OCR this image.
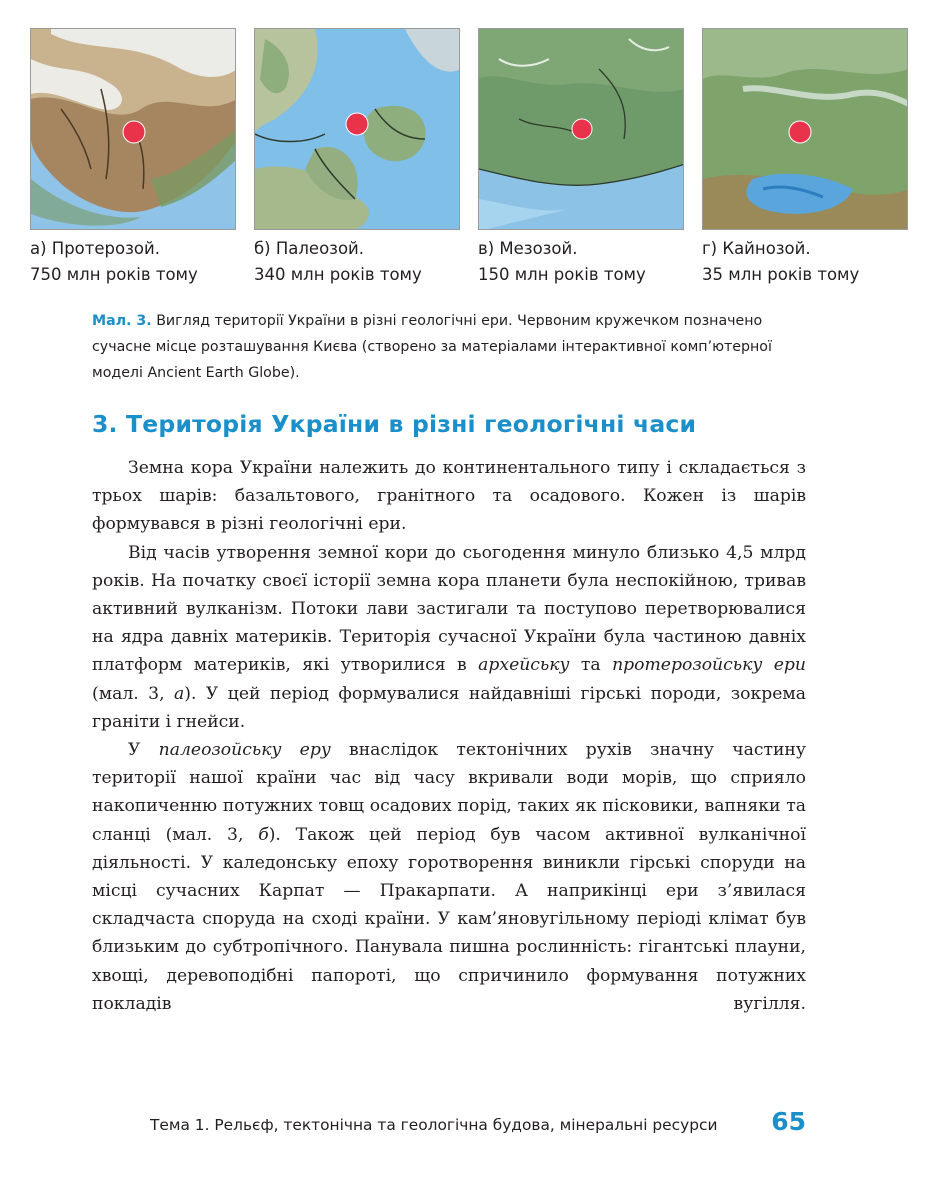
а) Протерозой.
750 млн років тому
б) Палеозой.
340 млн років тому
в) Мезозой.
150 млн років тому
г) Кайнозой.
35 млн років тому
Мал. 3. Вигляд території України в різні геологічні ери. Червоним кружечком позначено сучасне місце розташування Києва (створено за матеріалами інтерактивної комп’ютерної моделі Ancient Earth Globe).
3. Територія України в різні геологічні часи

Земна кора України належить до континентального типу і складається з трьох шарів: базальтового, гранітного та осадового. Кожен із шарів формувався в різні геологічні ери.

Від часів утворення земної кори до сьогодення минуло близько 4,5 млрд років. На початку своєї історії земна кора планети була неспокійною, тривав активний вулканізм. Потоки лави застигали та поступово перетворювалися на ядра давніх материків. Територія сучасної України була частиною давніх платформ материків, які утворилися в архейську та протерозойську ери (мал. 3, а). У цей період формувалися найдавніші гірські породи, зокрема граніти і гнейси.

У палеозойську еру внаслідок тектонічних рухів значну частину території нашої країни час від часу вкривали води морів, що сприяло накопиченню потужних товщ осадових порід, таких як пісковики, вапняки та сланці (мал. 3, б). Також цей період був часом активної вулканічної діяльності. У каледонську епоху горотворення виникли гірські споруди на місці сучасних Карпат — Пракарпати. А наприкінці ери з’явилася складчаста споруда на сході країни. У кам’яновугільному періоді клімат був близьким до субтропічного. Панувала пишна рослинність: гігантські плауни, хвощі, деревоподібні папороті, що спричинило формування потужних покладів вугілля.

Тема 1. Рельєф, тектонічна та геологічна будова, мінеральні ресурси 65
